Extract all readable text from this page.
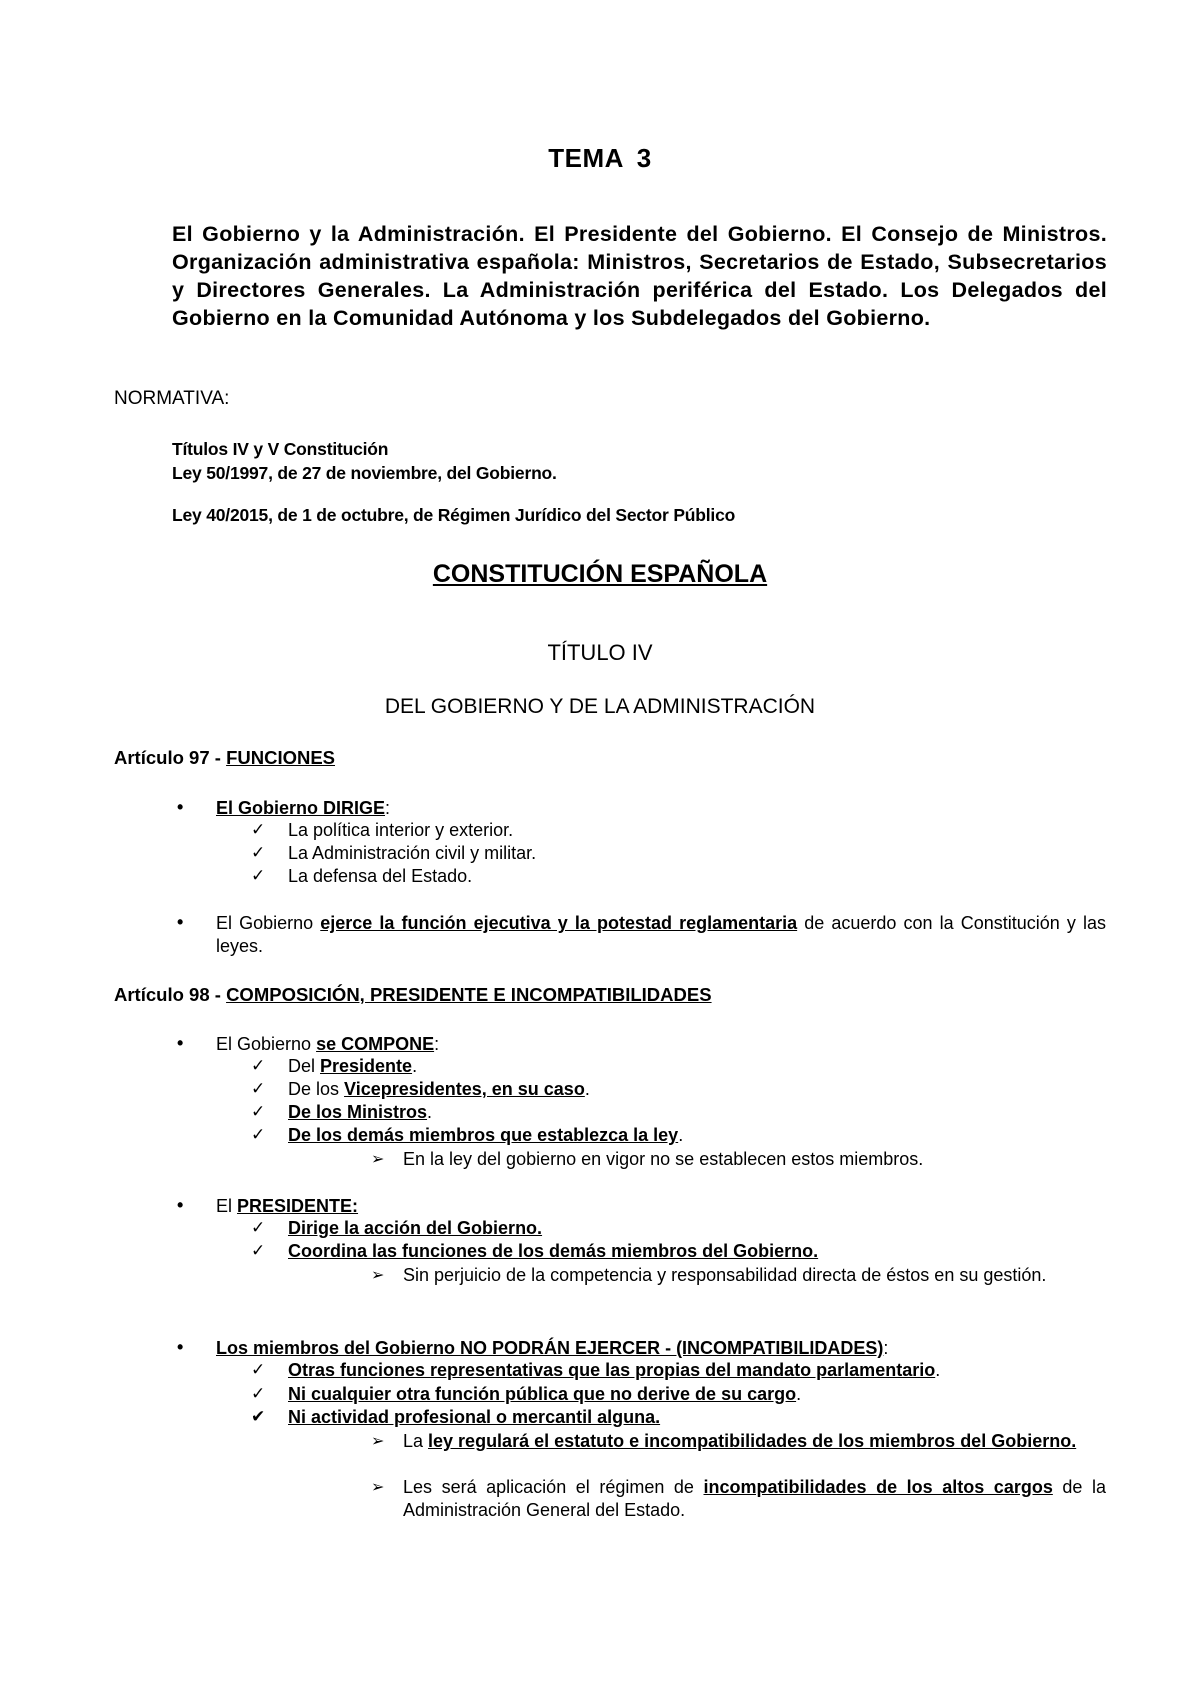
TEMA 3
El Gobierno y la Administración. El Presidente del Gobierno. El Consejo de Ministros. Organización administrativa española: Ministros, Secretarios de Estado, Subsecretarios y Directores Generales. La Administración periférica del Estado. Los Delegados del Gobierno en la Comunidad Autónoma y los Subdelegados del Gobierno.
NORMATIVA:
Títulos IV y V Constitución
Ley 50/1997, de 27 de noviembre, del Gobierno.
Ley 40/2015, de 1 de octubre, de Régimen Jurídico del Sector Público
CONSTITUCIÓN ESPAÑOLA
TÍTULO IV
DEL GOBIERNO Y DE LA ADMINISTRACIÓN
Artículo 97 - FUNCIONES
• El Gobierno DIRIGE:
✓ La política interior y exterior.
✓ La Administración civil y militar.
✓ La defensa del Estado.
• El Gobierno ejerce la función ejecutiva y la potestad reglamentaria de acuerdo con la Constitución y las leyes.
Artículo 98 - COMPOSICIÓN, PRESIDENTE E INCOMPATIBILIDADES
• El Gobierno se COMPONE:
✓ Del Presidente.
✓ De los Vicepresidentes, en su caso.
✓ De los Ministros.
✓ De los demás miembros que establezca la ley.
➢ En la ley del gobierno en vigor no se establecen estos miembros.
• El PRESIDENTE:
✓ Dirige la acción del Gobierno.
✓ Coordina las funciones de los demás miembros del Gobierno.
➢ Sin perjuicio de la competencia y responsabilidad directa de éstos en su gestión.
• Los miembros del Gobierno NO PODRÁN EJERCER - (INCOMPATIBILIDADES):
✓ Otras funciones representativas que las propias del mandato parlamentario.
✓ Ni cualquier otra función pública que no derive de su cargo.
✔ Ni actividad profesional o mercantil alguna.
➢ La ley regulará el estatuto e incompatibilidades de los miembros del Gobierno.
➢ Les será aplicación el régimen de incompatibilidades de los altos cargos de la Administración General del Estado.
